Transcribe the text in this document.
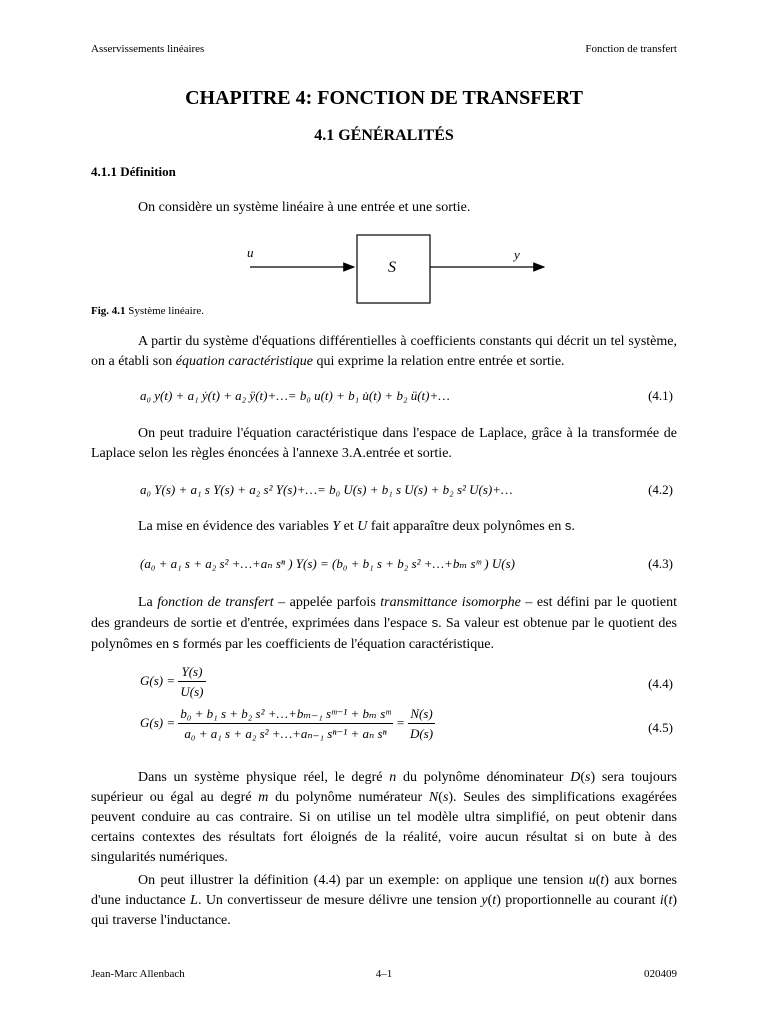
Asservissements linéaires	Fonction de transfert
CHAPITRE 4: FONCTION DE TRANSFERT
4.1 GÉNÉRALITÉS
4.1.1 Définition
On considère un système linéaire à une entrée et une sortie.
u
S
y
Fig. 4.1 Système linéaire.
A partir du système d'équations différentielles à coefficients constants qui décrit un tel système, on a établi son équation caractéristique qui exprime la relation entre entrée et sortie.
a₀ y(t) + a₁ ẏ(t) + a₂ ÿ(t)+…= b₀ u(t) + b₁ u̇(t) + b₂ ü(t)+…	(4.1)
On peut traduire l'équation caractéristique dans l'espace de Laplace, grâce à la transformée de Laplace selon les règles énoncées à l'annexe 3.A.entrée et sortie.
a₀ Y(s) + a₁ s Y(s) + a₂ s² Y(s)+…= b₀ U(s) + b₁ s U(s) + b₂ s² U(s)+…	(4.2)
La mise en évidence des variables Y et U fait apparaître deux polynômes en s.
(a₀ + a₁ s + a₂ s² +…+aₙ sⁿ ) Y(s) = (b₀ + b₁ s + b₂ s² +…+bₘ sᵐ ) U(s)	(4.3)
La fonction de transfert – appelée parfois transmittance isomorphe – est défini par le quotient des grandeurs de sortie et d'entrée, exprimées dans l'espace s. Sa valeur est obtenue par le quotient des polynômes en s formés par les coefficients de l'équation caractéristique.
$G(s) = \frac{Y(s)}{U(s)}$	(4.4)
$G(s) = \frac{\text{b₀ + b₁ s + b₂ s² +…+bₘ₋₁ sᵐ⁻¹ + bₘ sᵐ}}{\text{a₀ + a₁ s + a₂ s² +…+aₙ₋₁ sⁿ⁻¹ + aₙ sⁿ}} = \frac{N(s)}{D(s)}$	(4.5)
Dans un système physique réel, le degré n du polynôme dénominateur D(s) sera toujours supérieur ou égal au degré m du polynôme numérateur N(s). Seules des simplifications exagérées peuvent conduire au cas contraire. Si on utilise un tel modèle ultra simplifié, on peut obtenir dans certains contextes des résultats fort éloignés de la réalité, voire aucun résultat si on bute à des singularités numériques.
On peut illustrer la définition (4.4) par un exemple: on applique une tension u(t) aux bornes d'une inductance L. Un convertisseur de mesure délivre une tension y(t) proportionnelle au courant i(t) qui traverse l'inductance.
Jean-Marc Allenbach	4–1	020409
